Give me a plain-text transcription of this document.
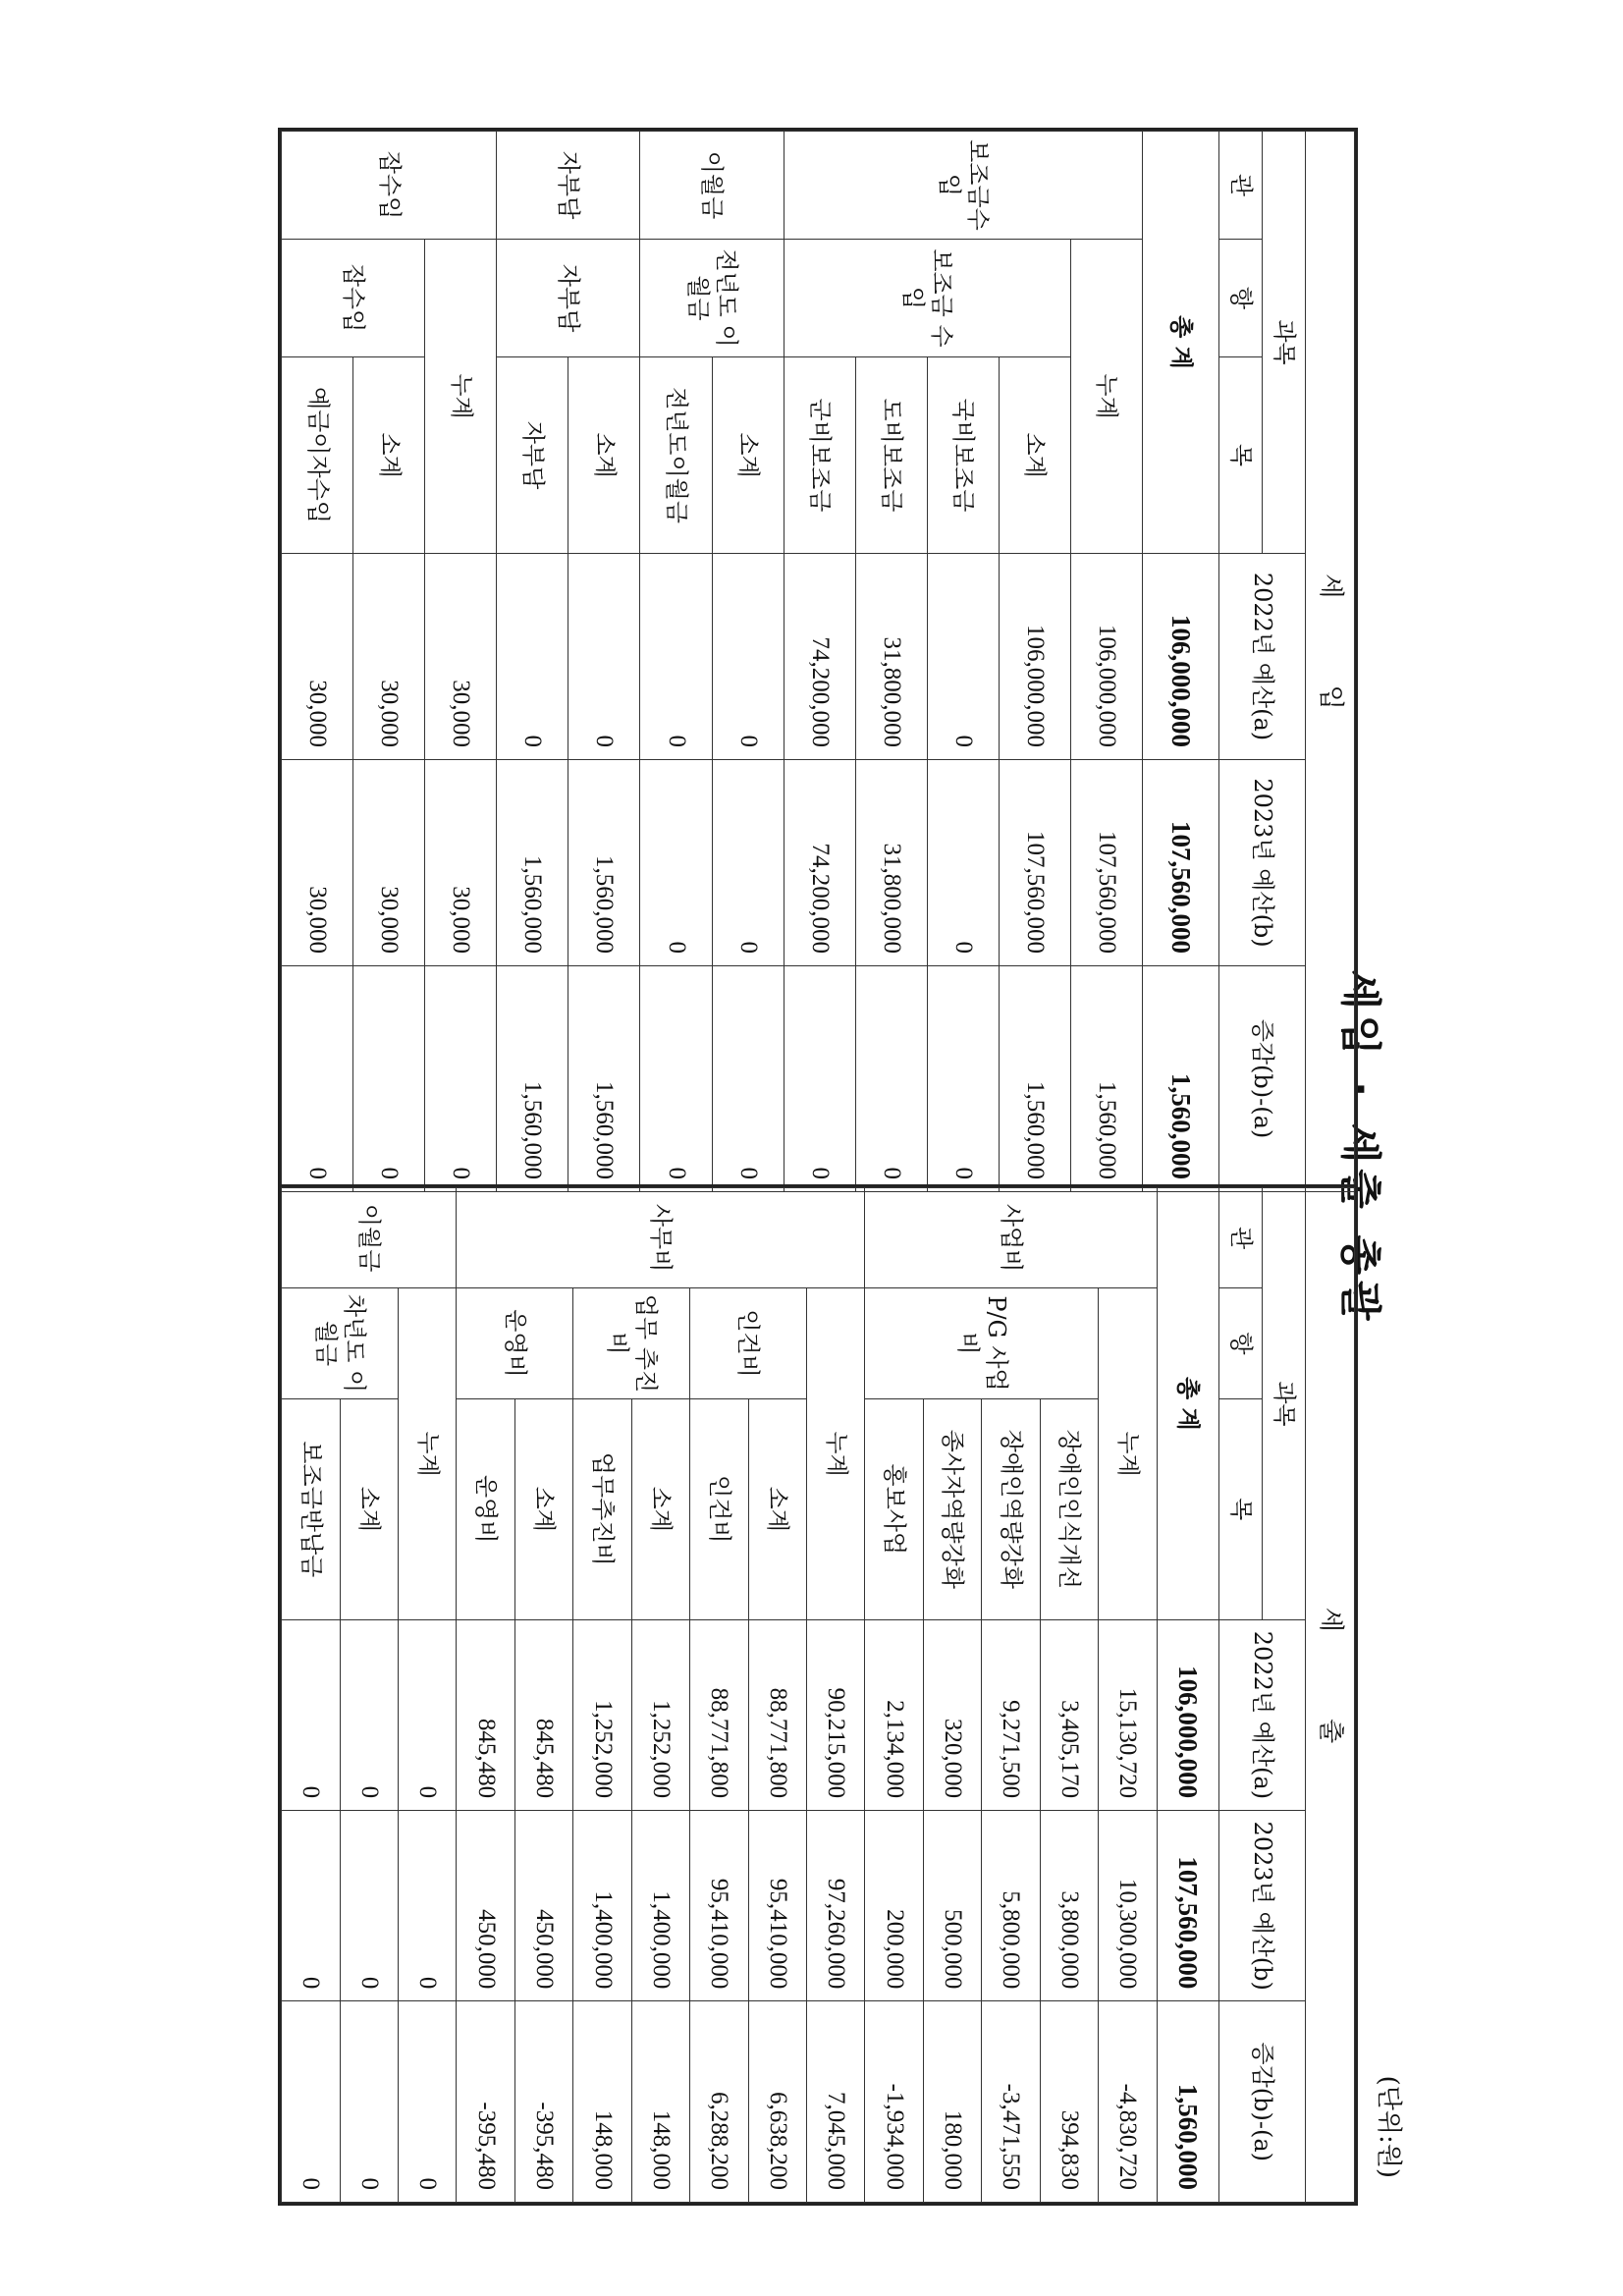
세입 · 세출 총괄
(단위:원)
세 입					
과목			2022년 예산(a)	2023년 예산(b)	증감(b)-(a)
관	항	목			
총 계			106,000,000	107,560,000	1,560,000
보조금수입	누계		106,000,000	107,560,000	1,560,000
	보조금 수입	소계	106,000,000	107,560,000	1,560,000
		국비보조금	0	0	0
		도비보조금	31,800,000	31,800,000	0
		군비보조금	74,200,000	74,200,000	0
이월금	전년도 이월금	소계	0	0	0
		전년도이월금	0	0	0
자부담	자부담	소계	0	1,560,000	1,560,000
		자부담	0	1,560,000	1,560,000
잡수입	누계		30,000	30,000	0
	잡수입	소계	30,000	30,000	0
		예금이자수입	30,000	30,000	0
세 출					
과목			2022년 예산(a)	2023년 예산(b)	증감(b)-(a)
관	항	목			
총 계			106,000,000	107,560,000	1,560,000
사업비	누계		15,130,720	10,300,000	-4,830,720
	P/G 사업비	장애인인식개선	3,405,170	3,800,000	394,830
		장애인역량강화	9,271,500	5,800,000	-3,471,550
		종사자역량강화	320,000	500,000	180,000
		홍보사업	2,134,000	200,000	-1,934,000
사무비	누계		90,215,000	97,260,000	7,045,000
	인건비	소계	88,771,800	95,410,000	6,638,200
		인건비	88,771,800	95,410,000	6,288,200
	업무 추진비	소계	1,252,000	1,400,000	148,000
		업무추진비	1,252,000	1,400,000	148,000
	운영비	소계	845,480	450,000	-395,480
		운영비	845,480	450,000	-395,480
이월금	누계		0	0	0
	차년도 이월금	소계	0	0	0
		보조금반납금	0	0	0
